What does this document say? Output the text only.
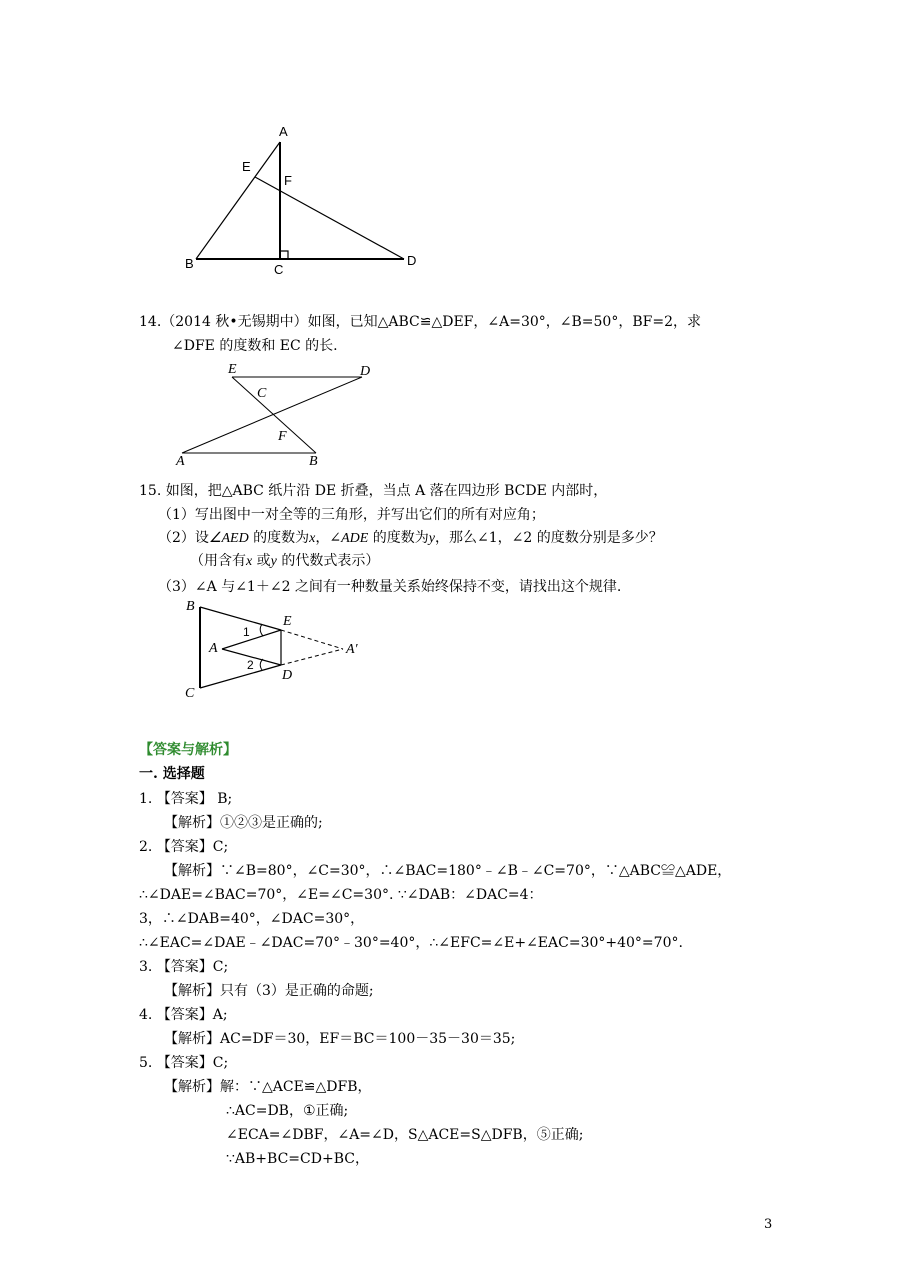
A
E
F
B	C
D
14.（2014 秋•无锡期中）如图，已知△ABC≌△DEF，∠A=30°，∠B=50°，BF=2，求
∠DFE 的度数和 EC 的长.
E	D
C
F
A	B
15. 如图，把△ABC 纸片沿 DE 折叠，当点 A 落在四边形 BCDE 内部时，
（1）写出图中一对全等的三角形，并写出它们的所有对应角；
（2）设∠AED 的度数为x，∠ADE 的度数为y，那么∠1，∠2 的度数分别是多少？
（用含有x 或y 的代数式表示）
（3）∠A 与∠1＋∠2 之间有一种数量关系始终保持不变，请找出这个规律.
B
E
A	A′
C
D
1
2
【答案与解析】
一. 选择题
1. 【答案】 B;
【解析】①②③是正确的;
2. 【答案】C;
【解析】∵∠B=80°，∠C=30°，∴∠BAC=180°﹣∠B﹣∠C=70°，∵△ABC≌△ADE，
∴∠DAE=∠BAC=70°，∠E=∠C=30°. ∵∠DAB：∠DAC=4：
3，∴∠DAB=40°，∠DAC=30°，
∴∠EAC=∠DAE﹣∠DAC=70°﹣30°=40°，∴∠EFC=∠E+∠EAC=30°+40°=70°.
3. 【答案】C;
【解析】只有（3）是正确的命题;
4. 【答案】A;
【解析】AC=DF＝30，EF＝BC＝100－35－30＝35;
5. 【答案】C;
【解析】解：∵△ACE≌△DFB，
∴AC=DB，①正确;
∠ECA=∠DBF，∠A=∠D，S△ACE=S△DFB，⑤正确;
∵AB+BC=CD+BC，
3
